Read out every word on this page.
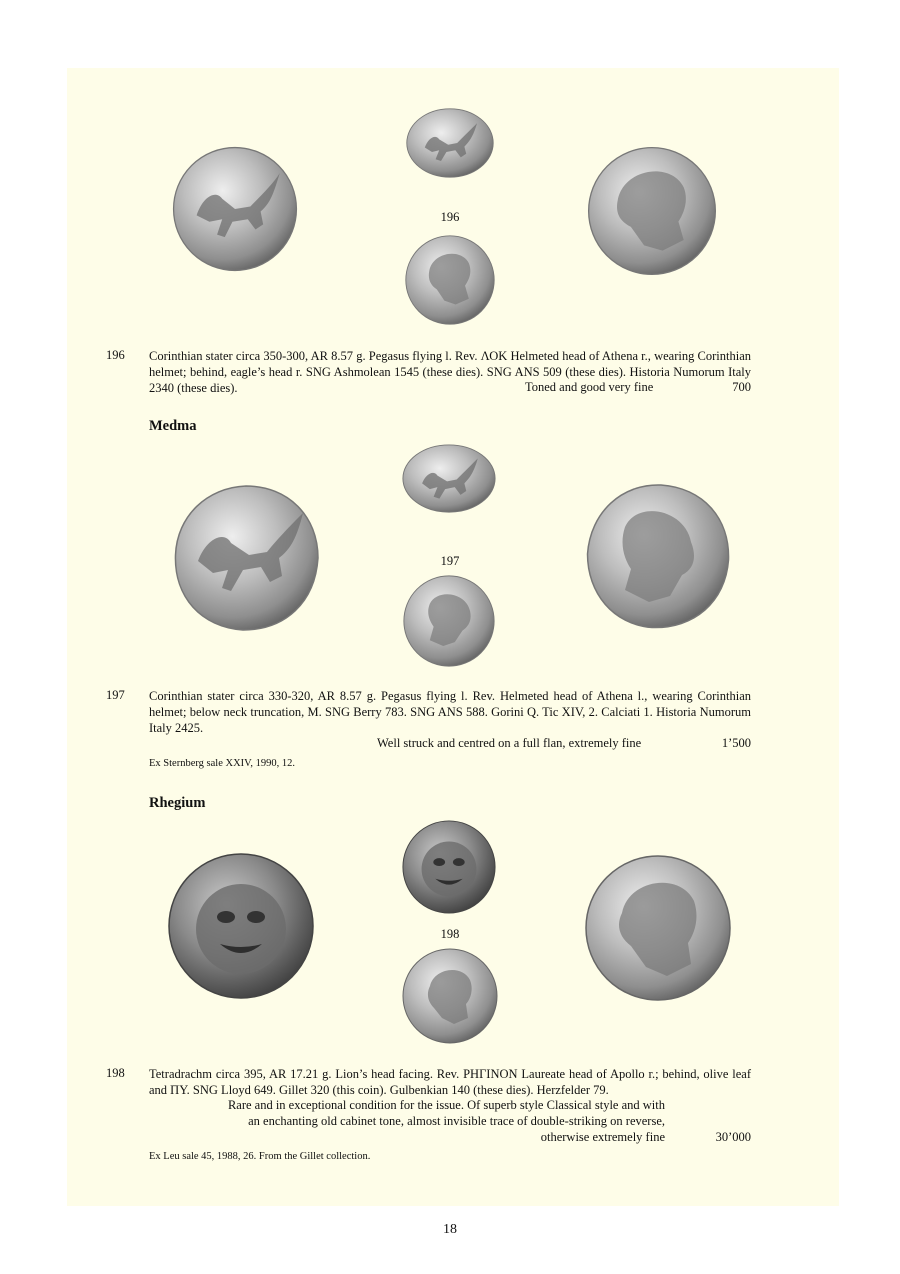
196
196 Corinthian stater circa 350-300, AR 8.57 g. Pegasus flying l. Rev. ΛΟΚ Helmeted head of Athena r., wearing Corinthian helmet; behind, eagle’s head r. SNG Ashmolean 1545 (these dies). SNG ANS 509 (these dies). Historia Numorum Italy 2340 (these dies).	Toned and good very fine	700
Medma
197
197 Corinthian stater circa 330-320, AR 8.57 g. Pegasus flying l. Rev. Helmeted head of Athena l., wearing Corinthian helmet; below neck truncation, M. SNG Berry 783. SNG ANS 588. Gorini Q. Tic XIV, 2. Calciati 1. Historia Numorum Italy 2425.
Well struck and centred on a full flan, extremely fine	1’500
Ex Sternberg sale XXIV, 1990, 12.
Rhegium
198
198 Tetradrachm circa 395, AR 17.21 g. Lion’s head facing. Rev. ΡΗΓΙΝΟΝ Laureate head of Apollo r.; behind, olive leaf and ΠΥ. SNG Lloyd 649. Gillet 320 (this coin). Gulbenkian 140 (these dies). Herzfelder 79.
Rare and in exceptional condition for the issue. Of superb style Classical style and with
an enchanting old cabinet tone, almost invisible trace of double-striking on reverse,
otherwise extremely fine	30’000
Ex Leu sale 45, 1988, 26. From the Gillet collection.
18
